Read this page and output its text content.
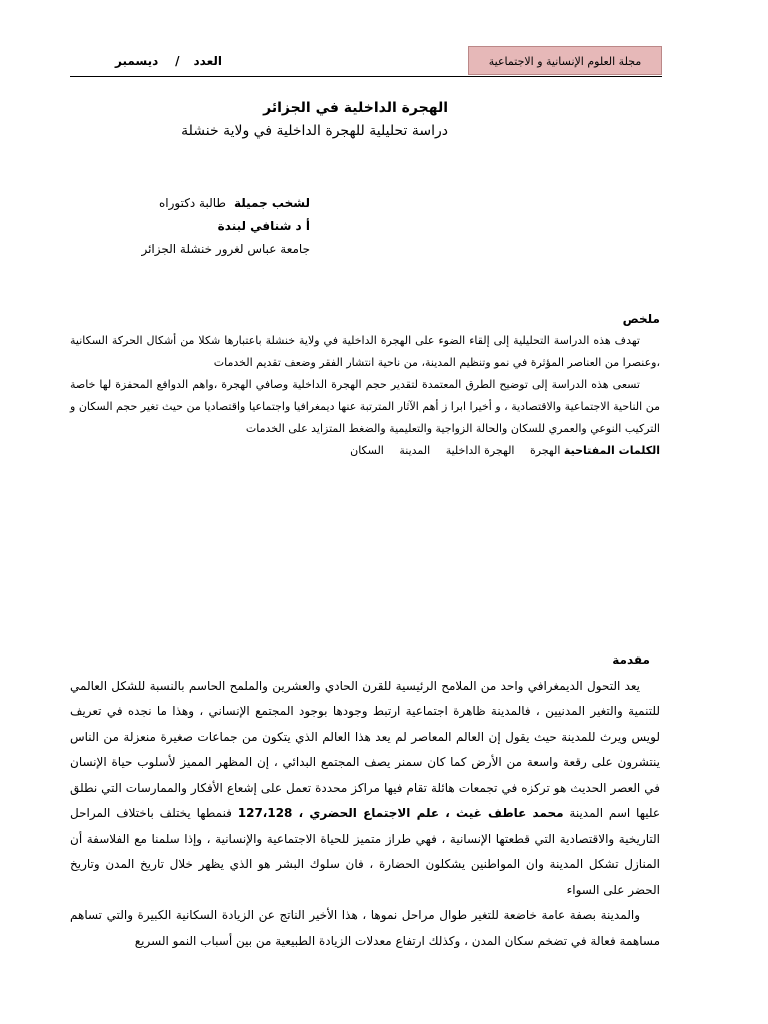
مجلة العلوم الإنسانية و الاجتماعية
العدد/
ديسمبر
الهجرة الداخلية في الجزائر
دراسة تحليلية للهجرة الداخلية في ولاية خنشلة
لشخب جميلةطالبة دكتوراه
أ د شنافي لبندة
جامعة عباس لغرور خنشلة الجزائر
ملخص

تهدف هذه الدراسة التحليلية إلى إلقاء الضوء على الهجرة الداخلية في ولاية خنشلة باعتبارها شكلا من أشكال الحركة السكانية ،وعنصرا من العناصر المؤثرة في نمو وتنظيم المدينة، من ناحية انتشار الفقر وضعف تقديم الخدمات

تسعى هذه الدراسة إلى توضيح الطرق المعتمدة لتقدير حجم الهجرة الداخلية وصافي الهجرة ،واهم الدوافع المحفزة لها خاصة من الناحية الاجتماعية والاقتصادية ، و أخيرا ابرا ز أهم الآثار المترتبة عنها ديمغرافيا واجتماعيا واقتصاديا من حيث تغير حجم السكان و التركيب النوعي والعمري للسكان والحالة الزواجية والتعليمية والضغط المتزايد على الخدمات

الكلمات المفتاحية الهجرة الهجرة الداخلية المدينة السكان
مقدمة

يعد التحول الديمغرافي واحد من الملامح الرئيسية للقرن الحادي والعشرين والملمح الحاسم بالنسبة للشكل العالمي للتنمية والتغير المدنيين ، فالمدينة ظاهرة اجتماعية ارتبط وجودها بوجود المجتمع الإنساني ، وهذا ما نجده في تعريف لويس ويرث للمدينة حيث يقول إن العالم المعاصر لم يعد هذا العالم الذي يتكون من جماعات صغيرة منعزلة من الناس ينتشرون على رقعة واسعة من الأرض كما كان سمنر يصف المجتمع البدائي ، إن المظهر المميز لأسلوب حياة الإنسان في العصر الحديث هو تركزه في تجمعات هائلة تقام فيها مراكز محددة تعمل على إشعاع الأفكار والممارسات التي نطلق عليها اسم المدينة محمد عاطف غيث ، علم الاجتماع الحضري ، 127،128 فنمطها يختلف باختلاف المراحل التاريخية والاقتصادية التي قطعتها الإنسانية ، فهي طراز متميز للحياة الاجتماعية والإنسانية ، وإذا سلمنا مع الفلاسفة أن المنازل تشكل المدينة وان المواطنين يشكلون الحضارة ، فان سلوك البشر هو الذي يظهر خلال تاريخ المدن وتاريخ الحضر على السواء

والمدينة بصفة عامة خاضعة للتغير طوال مراحل نموها ، هذا الأخير الناتج عن الزيادة السكانية الكبيرة والتي تساهم مساهمة فعالة في تضخم سكان المدن ، وكذلك ارتفاع معدلات الزيادة الطبيعية من بين أسباب النمو السريع
